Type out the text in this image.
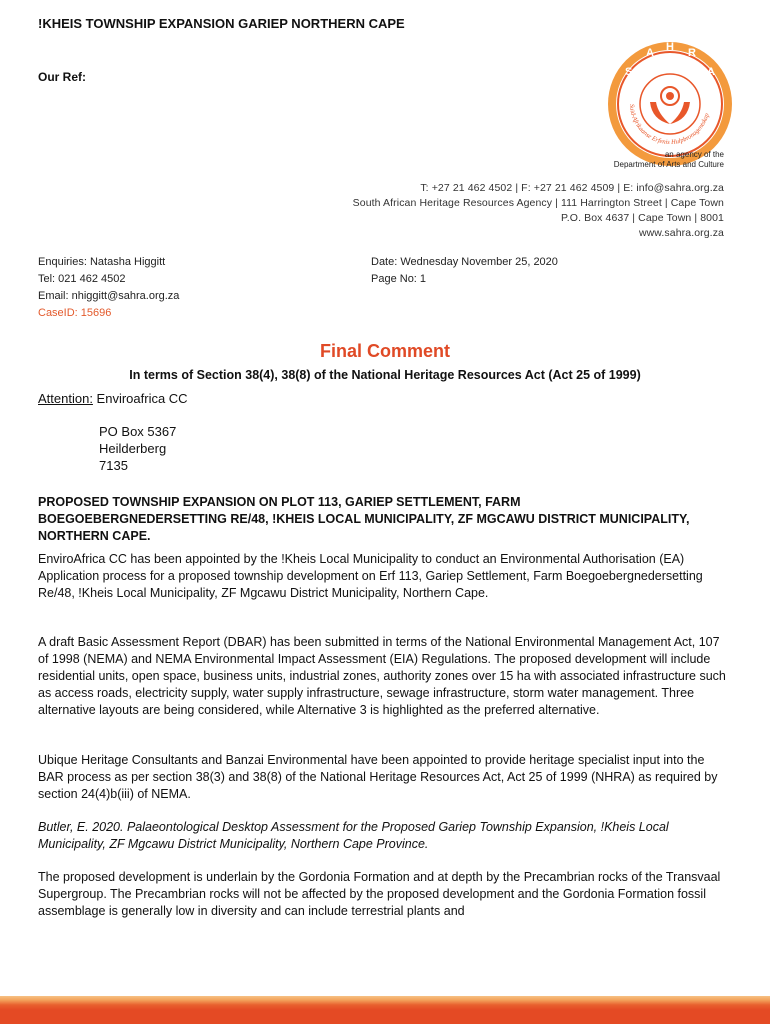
!KHEIS TOWNSHIP EXPANSION GARIEP NORTHERN CAPE
Our Ref:	S
A H R
A
Suid-Afrikaanse Erfenis Hulpbronagentskap
an agency of the
Department of Arts and Culture
T: +27 21 462 4502 | F: +27 21 462 4509 | E: info@sahra.org.za
South African Heritage Resources Agency | 111 Harrington Street | Cape Town
P.O. Box 4637 | Cape Town | 8001
www.sahra.org.za
Enquiries: Natasha Higgitt
Tel: 021 462 4502
Email: nhiggitt@sahra.org.za
CaseID: 15696
Date: Wednesday November 25, 2020
Page No: 1
Final Comment
In terms of Section 38(4), 38(8) of the National Heritage Resources Act (Act 25 of 1999)
Attention: Enviroafrica CC
PO Box 5367
Heilderberg
7135
PROPOSED TOWNSHIP EXPANSION ON PLOT 113, GARIEP SETTLEMENT, FARM BOEGOEBERGNEDERSETTING RE/48, !KHEIS LOCAL MUNICIPALITY, ZF MGCAWU DISTRICT MUNICIPALITY, NORTHERN CAPE.
EnviroAfrica CC has been appointed by the !Kheis Local Municipality to conduct an Environmental Authorisation (EA) Application process for a proposed township development on Erf 113, Gariep Settlement, Farm Boegoebergnedersetting Re/48, !Kheis Local Municipality, ZF Mgcawu District Municipality, Northern Cape.
A draft Basic Assessment Report (DBAR) has been submitted in terms of the National Environmental Management Act, 107 of 1998 (NEMA) and NEMA Environmental Impact Assessment (EIA) Regulations. The proposed development will include residential units, open space, business units, industrial zones, authority zones over 15 ha with associated infrastructure such as access roads, electricity supply, water supply infrastructure, sewage infrastructure, storm water management. Three alternative layouts are being considered, while Alternative 3 is highlighted as the preferred alternative.
Ubique Heritage Consultants and Banzai Environmental have been appointed to provide heritage specialist input into the BAR process as per section 38(3) and 38(8) of the National Heritage Resources Act, Act 25 of 1999 (NHRA) as required by section 24(4)b(iii) of NEMA.
Butler, E. 2020. Palaeontological Desktop Assessment for the Proposed Gariep Township Expansion, !Kheis Local Municipality, ZF Mgcawu District Municipality, Northern Cape Province.
The proposed development is underlain by the Gordonia Formation and at depth by the Precambrian rocks of the Transvaal Supergroup. The Precambrian rocks will not be affected by the proposed development and the Gordonia Formation fossil assemblage is generally low in diversity and can include terrestrial plants and
